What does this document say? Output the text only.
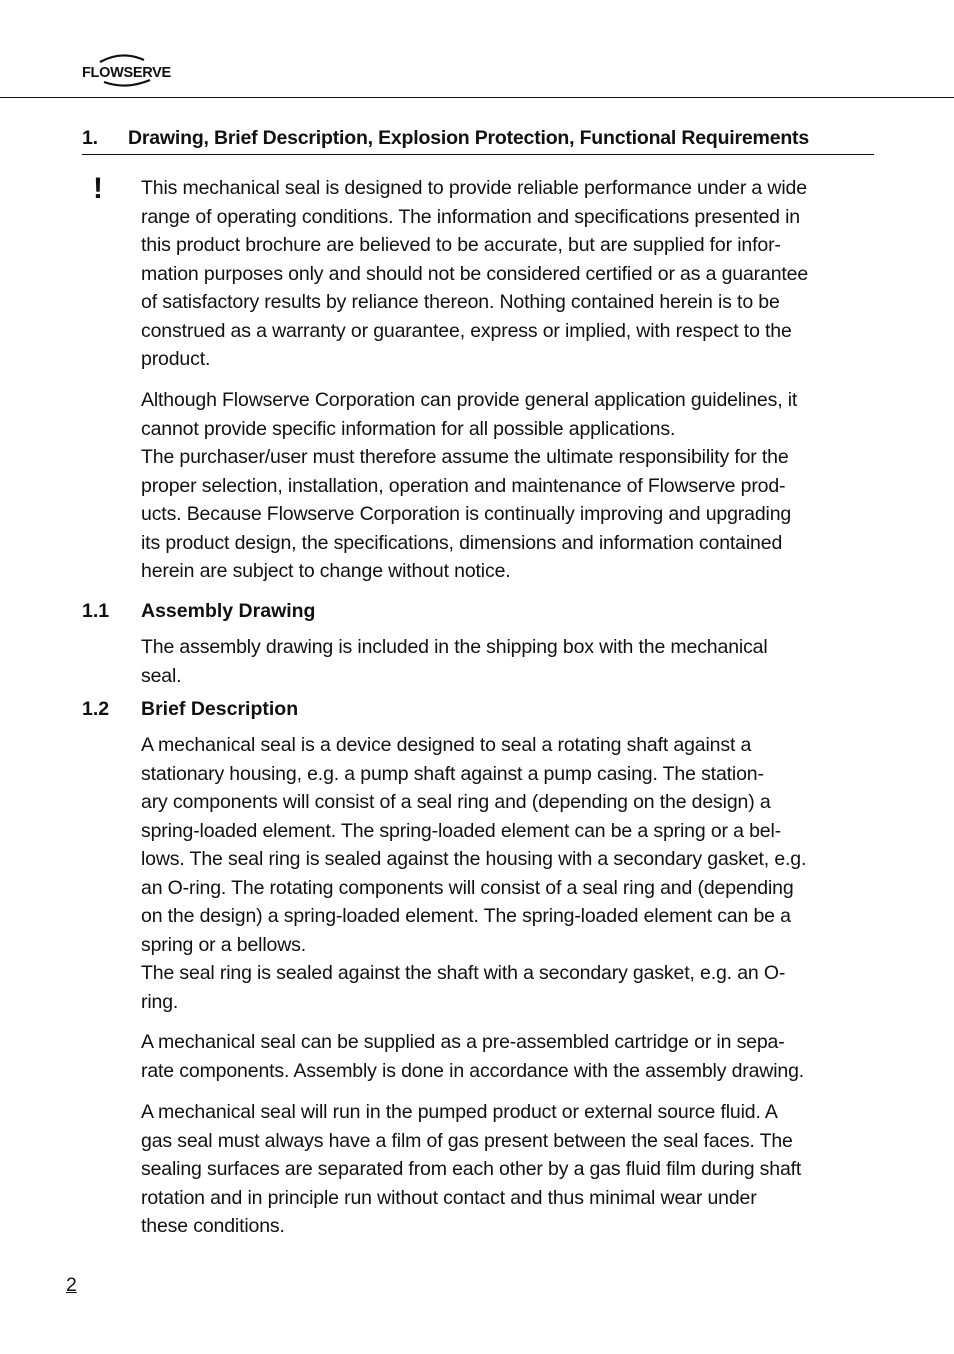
FLOWSERVE
1. Drawing, Brief Description, Explosion Protection, Functional Requirements
! This mechanical seal is designed to provide reliable performance under a wide
range of operating conditions. The information and specifications presented in
this product brochure are believed to be accurate, but are supplied for infor-
mation purposes only and should not be considered certified or as a guarantee
of satisfactory results by reliance thereon. Nothing contained herein is to be
construed as a warranty or guarantee, express or implied, with respect to the
product.
Although Flowserve Corporation can provide general application guidelines, it
cannot provide specific information for all possible applications.
The purchaser/user must therefore assume the ultimate responsibility for the
proper selection, installation, operation and maintenance of Flowserve prod-
ucts. Because Flowserve Corporation is continually improving and upgrading
its product design, the specifications, dimensions and information contained
herein are subject to change without notice.
1.1 Assembly Drawing
The assembly drawing is included in the shipping box with the mechanical
seal.
1.2 Brief Description
A mechanical seal is a device designed to seal a rotating shaft against a
stationary housing, e.g. a pump shaft against a pump casing. The station-
ary components will consist of a seal ring and (depending on the design) a
spring-loaded element. The spring-loaded element can be a spring or a bel-
lows. The seal ring is sealed against the housing with a secondary gasket, e.g.
an O-ring. The rotating components will consist of a seal ring and (depending
on the design) a spring-loaded element. The spring-loaded element can be a
spring or a bellows.
The seal ring is sealed against the shaft with a secondary gasket, e.g. an O-
ring.
A mechanical seal can be supplied as a pre-assembled cartridge or in sepa-
rate components. Assembly is done in accordance with the assembly drawing.
A mechanical seal will run in the pumped product or external source fluid. A
gas seal must always have a film of gas present between the seal faces. The
sealing surfaces are separated from each other by a gas fluid film during shaft
rotation and in principle run without contact and thus minimal wear under
these conditions.
2
